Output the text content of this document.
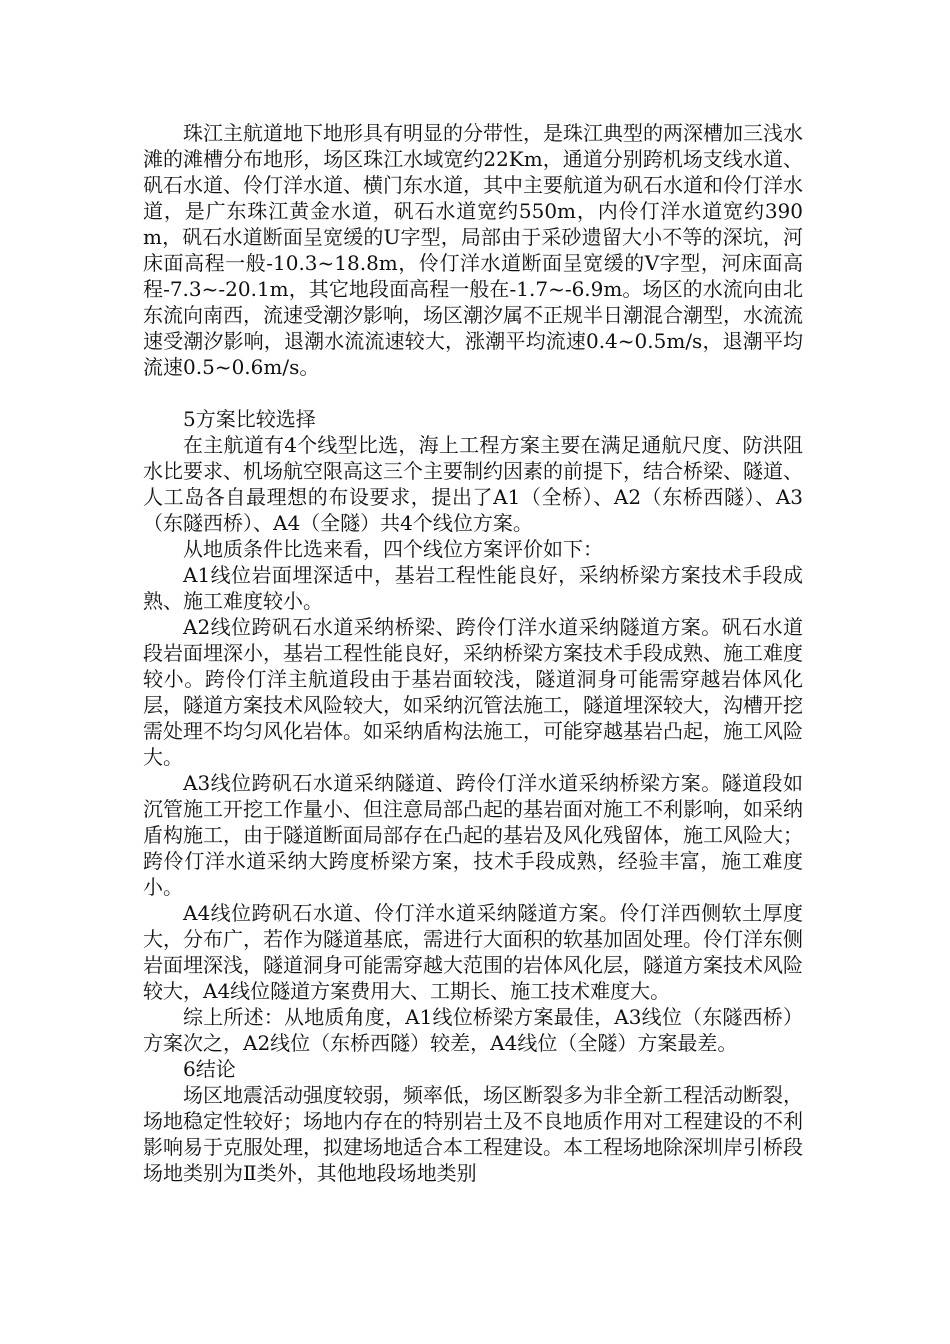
珠江主航道地下地形具有明显的分带性，是珠江典型的两深槽加三浅水滩的滩槽分布地形，场区珠江水域宽约22Km，通道分别跨机场支线水道、矾石水道、伶仃洋水道、横门东水道，其中主要航道为矾石水道和伶仃洋水道，是广东珠江黄金水道，矾石水道宽约550m，内伶仃洋水道宽约390m，矾石水道断面呈宽缓的U字型，局部由于采砂遗留大小不等的深坑，河床面高程一般-10.3~18.8m，伶仃洋水道断面呈宽缓的V字型，河床面高程-7.3~-20.1m，其它地段面高程一般在-1.7~-6.9m。场区的水流向由北东流向南西，流速受潮汐影响，场区潮汐属不正规半日潮混合潮型，水流流速受潮汐影响，退潮水流流速较大，涨潮平均流速0.4~0.5m/s，退潮平均流速0.5~0.6m/s。

5方案比较选择

在主航道有4个线型比选，海上工程方案主要在满足通航尺度、防洪阻水比要求、机场航空限高这三个主要制约因素的前提下，结合桥梁、隧道、人工岛各自最理想的布设要求，提出了A1（全桥）、A2（东桥西隧）、A3（东隧西桥）、A4（全隧）共4个线位方案。

从地质条件比选来看，四个线位方案评价如下：

A1线位岩面埋深适中，基岩工程性能良好，采纳桥梁方案技术手段成熟、施工难度较小。

A2线位跨矾石水道采纳桥梁、跨伶仃洋水道采纳隧道方案。矾石水道段岩面埋深小，基岩工程性能良好，采纳桥梁方案技术手段成熟、施工难度较小。跨伶仃洋主航道段由于基岩面较浅，隧道洞身可能需穿越岩体风化层，隧道方案技术风险较大，如采纳沉管法施工，隧道埋深较大，沟槽开挖需处理不均匀风化岩体。如采纳盾构法施工，可能穿越基岩凸起，施工风险大。

A3线位跨矾石水道采纳隧道、跨伶仃洋水道采纳桥梁方案。隧道段如沉管施工开挖工作量小、但注意局部凸起的基岩面对施工不利影响，如采纳盾构施工，由于隧道断面局部存在凸起的基岩及风化残留体，施工风险大；跨伶仃洋水道采纳大跨度桥梁方案，技术手段成熟，经验丰富，施工难度小。

A4线位跨矾石水道、伶仃洋水道采纳隧道方案。伶仃洋西侧软土厚度大，分布广，若作为隧道基底，需进行大面积的软基加固处理。伶仃洋东侧岩面埋深浅，隧道洞身可能需穿越大范围的岩体风化层，隧道方案技术风险较大，A4线位隧道方案费用大、工期长、施工技术难度大。

综上所述：从地质角度，A1线位桥梁方案最佳，A3线位（东隧西桥）方案次之，A2线位（东桥西隧）较差，A4线位（全隧）方案最差。

6结论

场区地震活动强度较弱，频率低，场区断裂多为非全新工程活动断裂，场地稳定性较好；场地内存在的特别岩土及不良地质作用对工程建设的不利影响易于克服处理，拟建场地适合本工程建设。本工程场地除深圳岸引桥段场地类别为Ⅱ类外，其他地段场地类别
